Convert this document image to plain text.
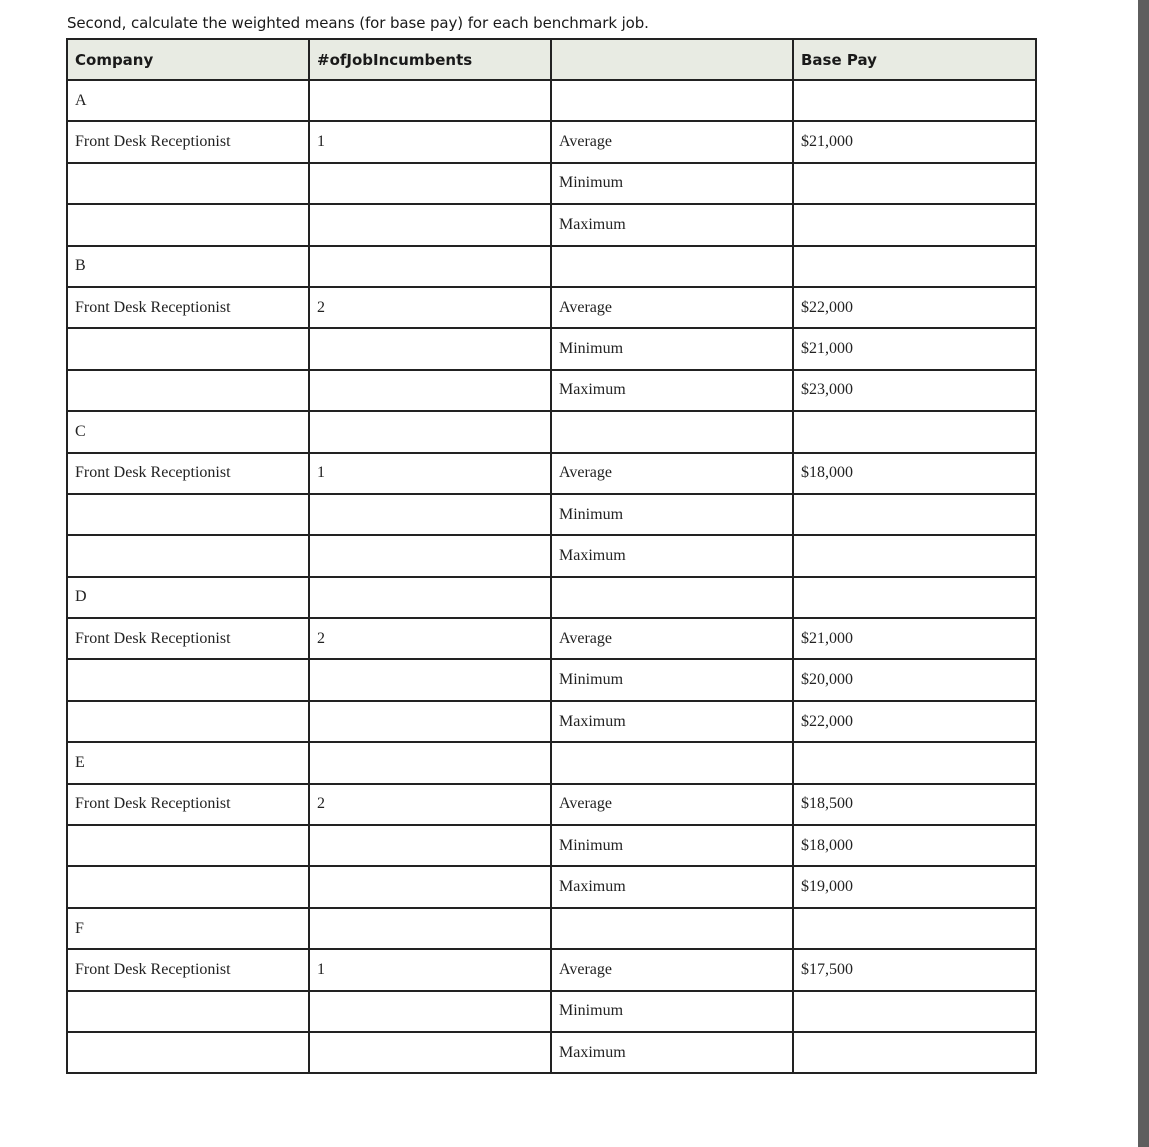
Second, calculate the weighted means (for base pay) for each benchmark job.
Company	#ofJobIncumbents		Base Pay
A			
Front Desk Receptionist	1	Average	$21,000
		Minimum	
		Maximum	
B			
Front Desk Receptionist	2	Average	$22,000
		Minimum	$21,000
		Maximum	$23,000
C			
Front Desk Receptionist	1	Average	$18,000
		Minimum	
		Maximum	
D			
Front Desk Receptionist	2	Average	$21,000
		Minimum	$20,000
		Maximum	$22,000
E			
Front Desk Receptionist	2	Average	$18,500
		Minimum	$18,000
		Maximum	$19,000
F			
Front Desk Receptionist	1	Average	$17,500
		Minimum	
		Maximum	
